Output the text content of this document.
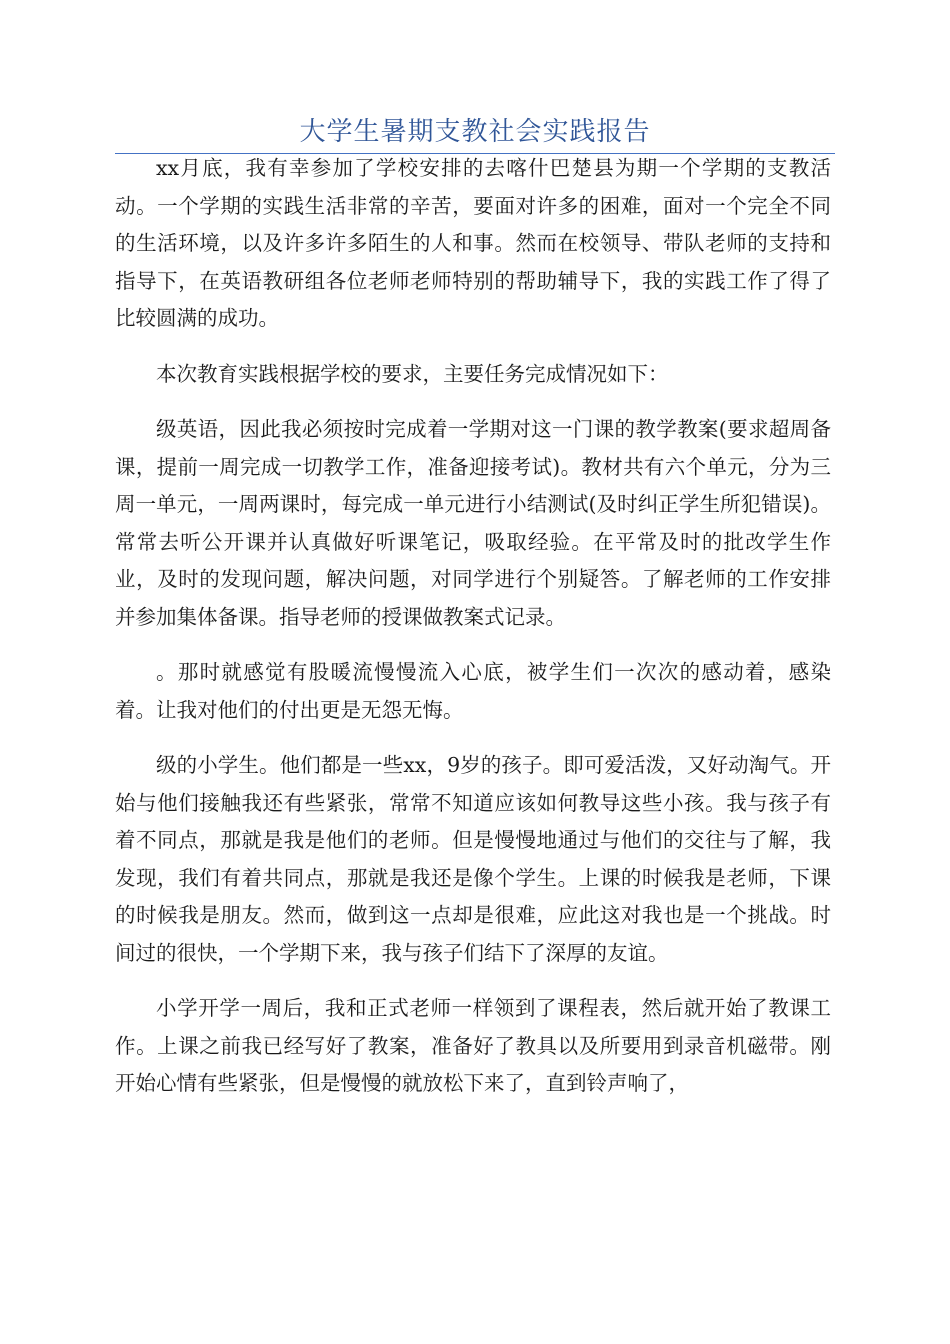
大学生暑期支教社会实践报告

xx月底，我有幸参加了学校安排的去喀什巴楚县为期一个学期的支教活动。一个学期的实践生活非常的辛苦，要面对许多的困难，面对一个完全不同的生活环境，以及许多许多陌生的人和事。然而在校领导、带队老师的支持和指导下，在英语教研组各位老师老师特别的帮助辅导下，我的实践工作了得了比较圆满的成功。

本次教育实践根据学校的要求，主要任务完成情况如下：

级英语，因此我必须按时完成着一学期对这一门课的教学教案(要求超周备课，提前一周完成一切教学工作，准备迎接考试)。教材共有六个单元，分为三周一单元，一周两课时，每完成一单元进行小结测试(及时纠正学生所犯错误)。常常去听公开课并认真做好听课笔记，吸取经验。在平常及时的批改学生作业，及时的发现问题，解决问题，对同学进行个别疑答。了解老师的工作安排并参加集体备课。指导老师的授课做教案式记录。

。那时就感觉有股暖流慢慢流入心底，被学生们一次次的感动着，感染着。让我对他们的付出更是无怨无悔。

级的小学生。他们都是一些xx，9岁的孩子。即可爱活泼，又好动淘气。开始与他们接触我还有些紧张，常常不知道应该如何教导这些小孩。我与孩子有着不同点，那就是我是他们的老师。但是慢慢地通过与他们的交往与了解，我发现，我们有着共同点，那就是我还是像个学生。上课的时候我是老师，下课的时候我是朋友。然而，做到这一点却是很难，应此这对我也是一个挑战。时间过的很快，一个学期下来，我与孩子们结下了深厚的友谊。

小学开学一周后，我和正式老师一样领到了课程表，然后就开始了教课工作。上课之前我已经写好了教案，准备好了教具以及所要用到录音机磁带。刚开始心情有些紧张，但是慢慢的就放松下来了，直到铃声响了，
